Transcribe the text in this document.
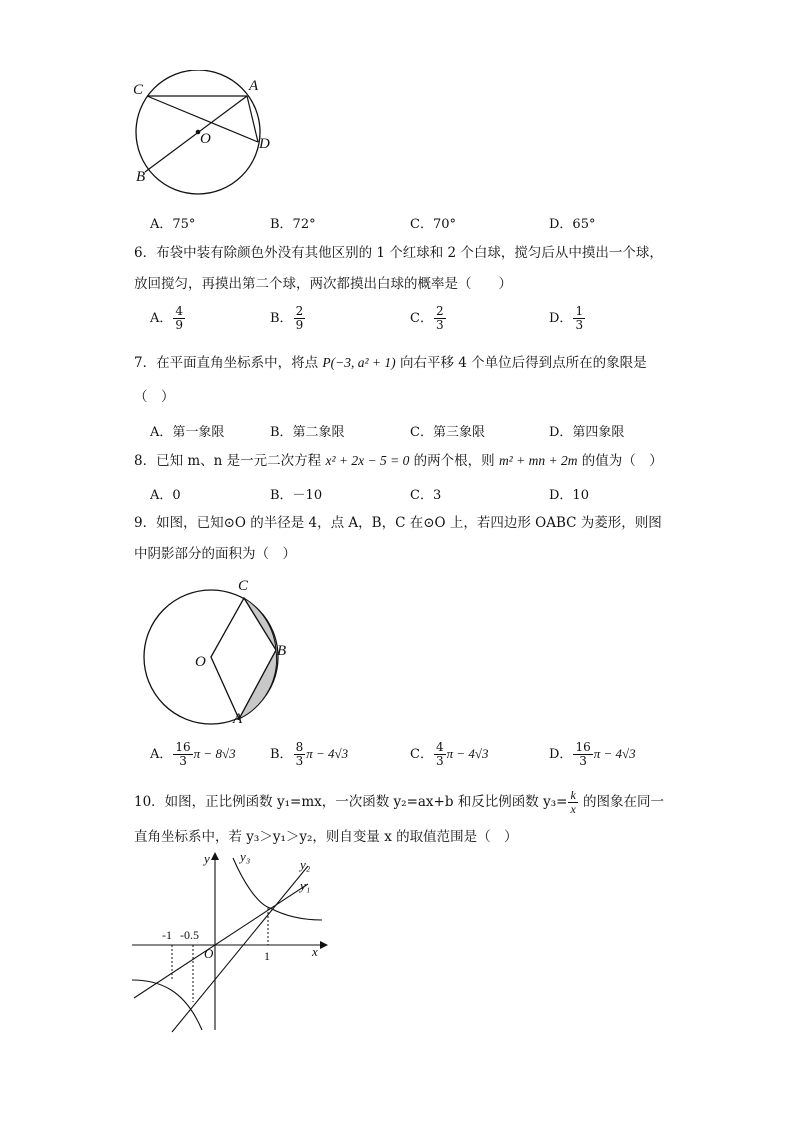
C	A
O	D
B
A．75°	B．72°	C．70°	D．65°
6．布袋中装有除颜色外没有其他区别的 1 个红球和 2 个白球，搅匀后从中摸出一个球，
放回搅匀，再摸出第二个球，两次都摸出白球的概率是（　　）
A． $\frac{4}{9}$	B． $\frac{2}{9}$	C． $\frac{2}{3}$	D． $\frac{1}{3}$
7．在平面直角坐标系中，将点 P(−3, a² + 1) 向右平移 4 个单位后得到点所在的象限是
（　）
A．第一象限	B．第二象限	C．第三象限	D．第四象限
8．已知 m、n 是一元二次方程 x² + 2x − 5 = 0 的两个根，则 m² + mn + 2m 的值为（　）
A．0	B．－10	C．3	D．10
9．如图，已知⊙O 的半径是 4，点 A，B，C 在⊙O 上，若四边形 OABC 为菱形，则图
中阴影部分的面积为（　）
C
O
B
A
A． $\frac{16}{3}$ π − 8√3	B． $\frac{8}{3}$ π − 4√3	C． $\frac{4}{3}$ π − 4√3	D． $\frac{16}{3}$ π − 4√3
10．如图，正比例函数 y₁=mx，一次函数 y₂=ax+b 和反比例函数 $y_3= \frac{k}{x}$ 的图象在同一
直角坐标系中，若 y₃＞y₁＞y₂，则自变量 x 的取值范围是（　）
y y₃
y₂
y₁
-1 -0.5
O	1	x
